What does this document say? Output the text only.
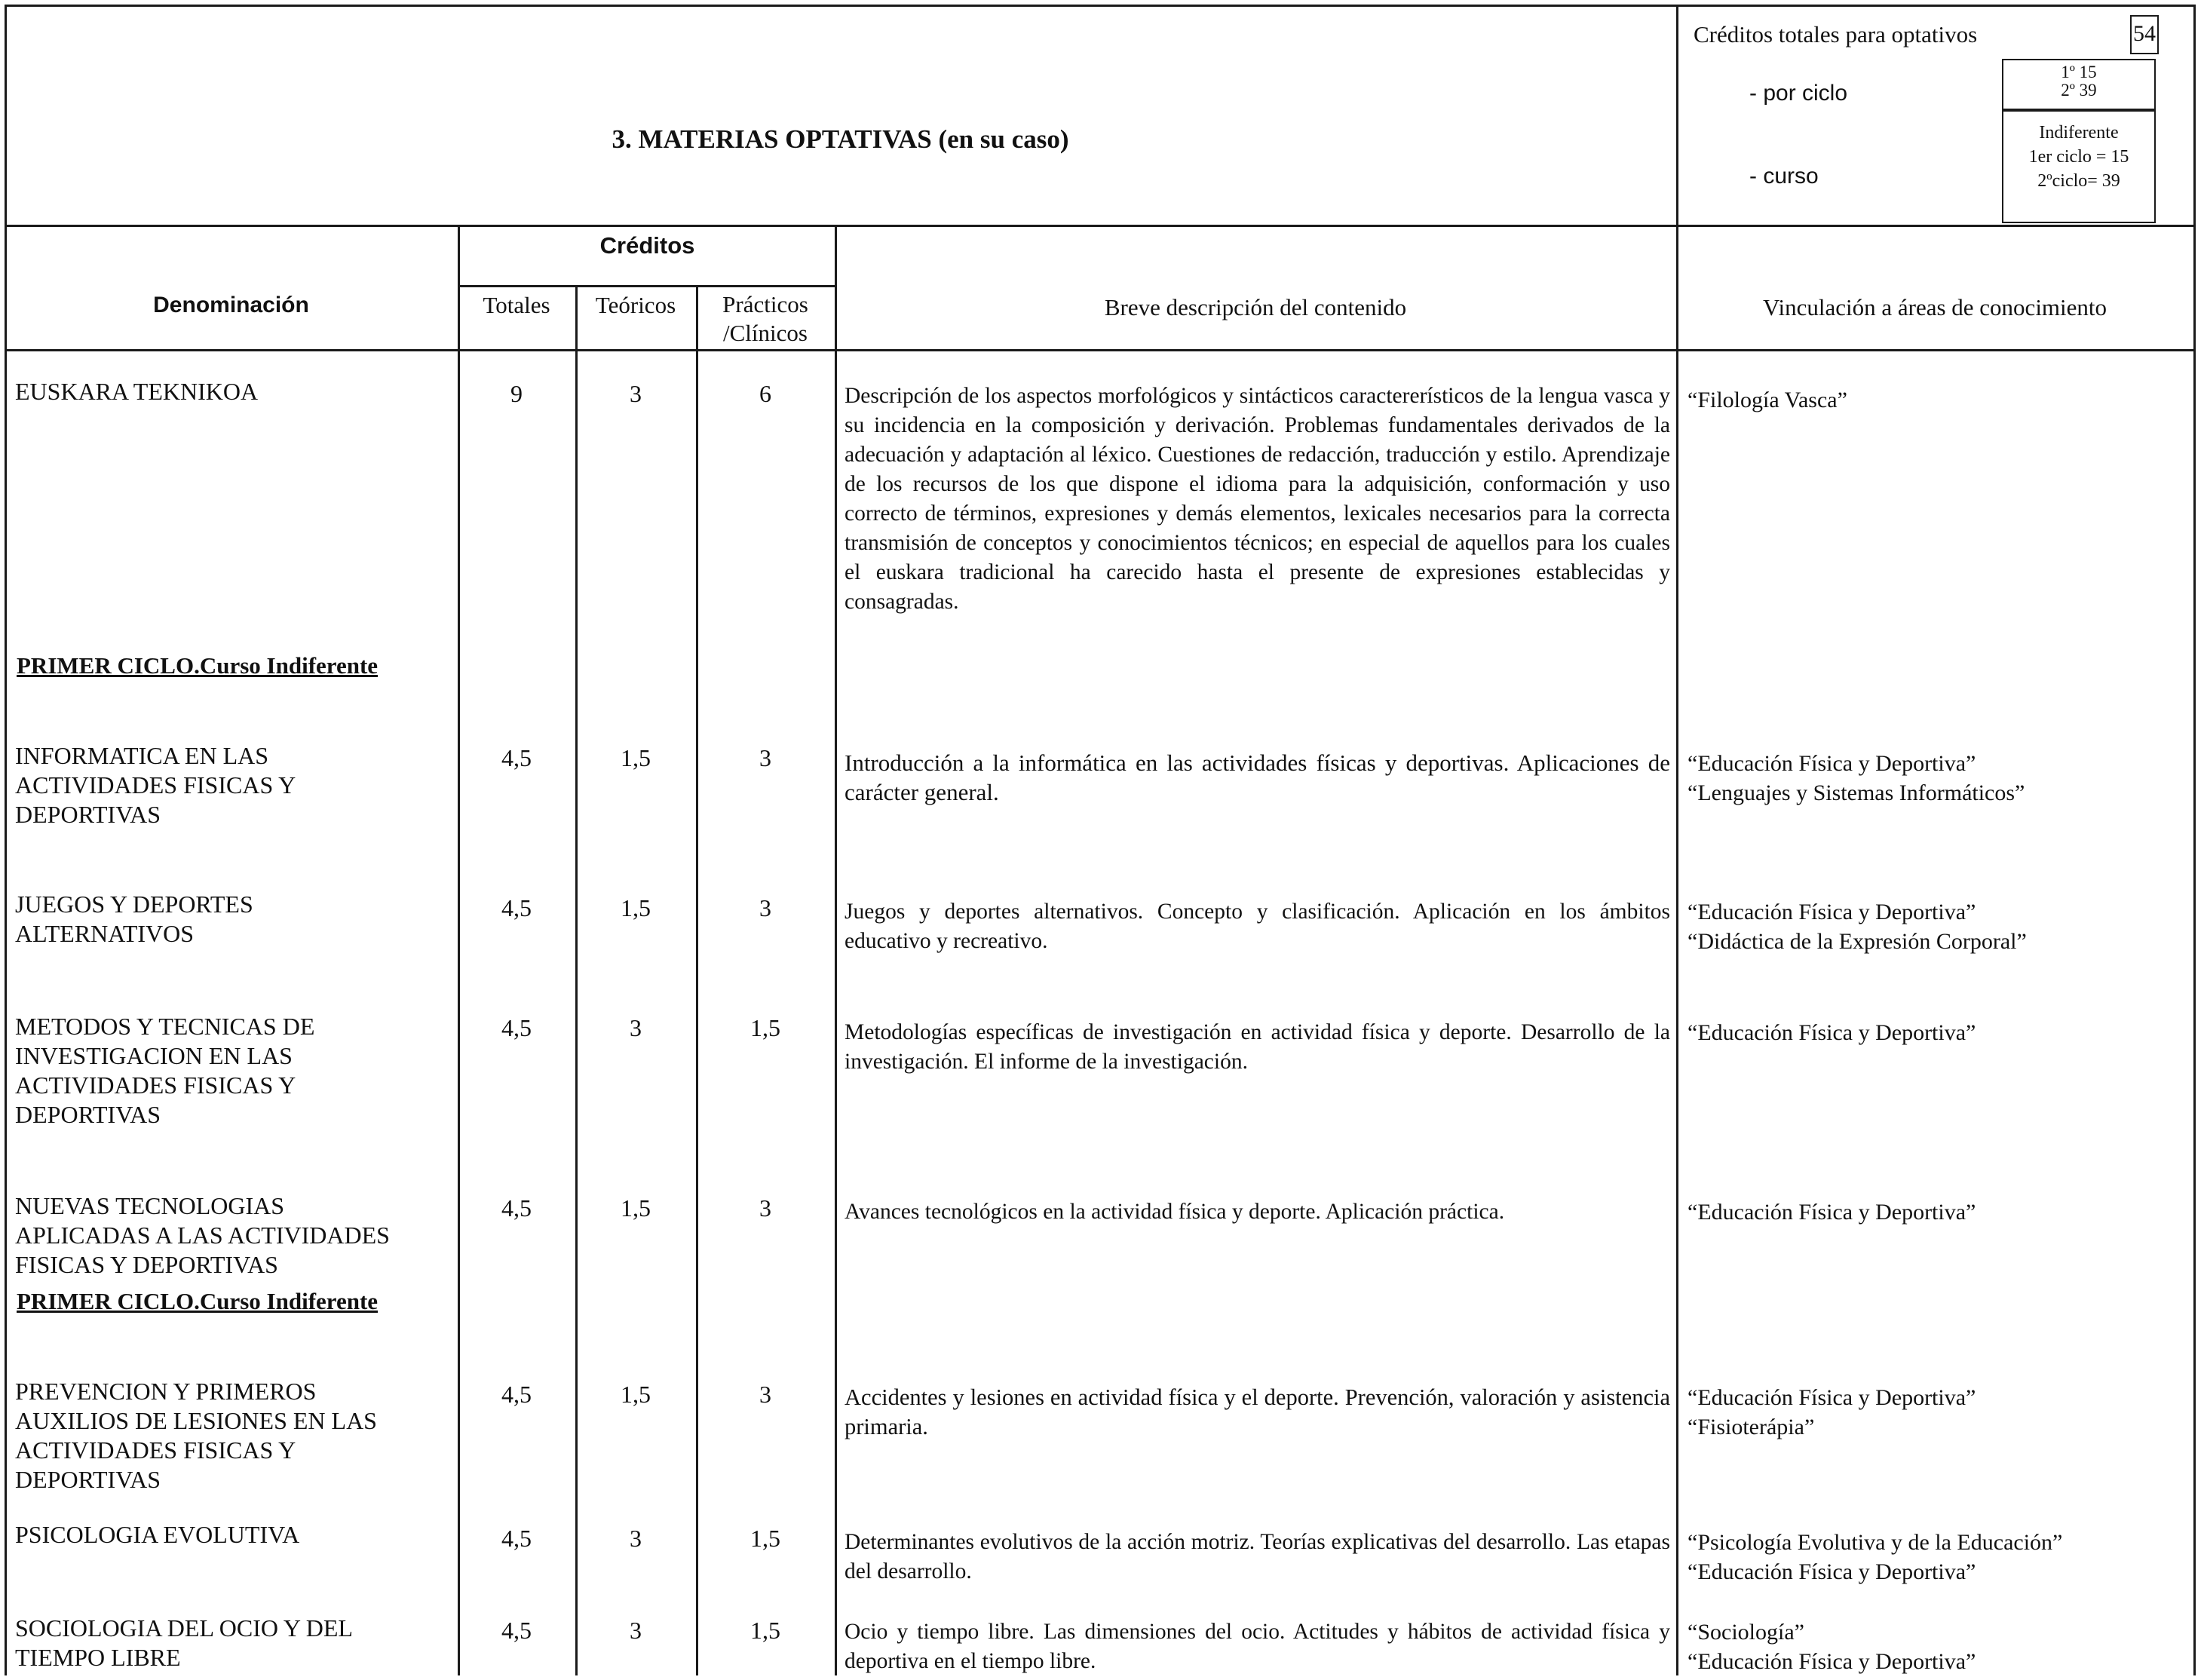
3. MATERIAS OPTATIVAS (en su caso)
Créditos totales para optativos	54
- por ciclo
1º 15
2º 39
- curso
Indiferente
1er ciclo = 15
2ºciclo= 39
Créditos
Denominación	Totales	Teóricos	Prácticos
/Clínicos
Breve descripción del contenido	Vinculación a áreas de conocimiento
EUSKARA TEKNIKOA	9	3	6	Descripción de los aspectos morfológicos y sintácticos caractererísticos de la lengua vasca y su incidencia en la composición y derivación. Problemas fundamentales derivados de la adecuación y adaptación al léxico. Cuestiones de redacción, traducción y estilo. Aprendizaje de los recursos de los que dispone el idioma para la adquisición, conformación y uso correcto de términos, expresiones y demás elementos, lexicales necesarios para la correcta transmisión de conceptos y conocimientos técnicos; en especial de aquellos para los cuales el euskara tradicional ha carecido hasta el presente de expresiones establecidas y consagradas.
“Filología Vasca”
PRIMER CICLO.Curso Indiferente
INFORMATICA EN LAS
ACTIVIDADES FISICAS Y
DEPORTIVAS
4,5	1,5	3	Introducción a la informática en las actividades físicas y deportivas. Aplicaciones de carácter general.
“Educación Física y Deportiva”
“Lenguajes y Sistemas Informáticos”
JUEGOS Y DEPORTES
ALTERNATIVOS
4,5	1,5	3	Juegos y deportes alternativos. Concepto y clasificación. Aplicación en los ámbitos educativo y recreativo.
“Educación Física y Deportiva”
“Didáctica de la Expresión Corporal”
METODOS Y TECNICAS DE
INVESTIGACION EN LAS
ACTIVIDADES FISICAS Y
DEPORTIVAS
4,5	3	1,5	Metodologías específicas de investigación en actividad física y deporte. Desarrollo de la investigación. El informe de la investigación.
“Educación Física y Deportiva”
NUEVAS TECNOLOGIAS
APLICADAS A LAS ACTIVIDADES
FISICAS Y DEPORTIVAS
4,5	1,5	3	Avances tecnológicos en la actividad física y deporte. Aplicación práctica.	“Educación Física y Deportiva”
PRIMER CICLO.Curso Indiferente
PREVENCION Y PRIMEROS
AUXILIOS DE LESIONES EN LAS
ACTIVIDADES FISICAS Y
DEPORTIVAS
4,5	1,5	3	Accidentes y lesiones en actividad física y el deporte. Prevención, valoración y asistencia primaria.
“Educación Física y Deportiva”
“Fisioterápia”
PSICOLOGIA EVOLUTIVA	4,5	3	1,5	Determinantes evolutivos de la acción motriz. Teorías explicativas del desarrollo. Las etapas del desarrollo.
“Psicología Evolutiva y de la Educación”
“Educación Física y Deportiva”
SOCIOLOGIA DEL OCIO Y DEL
TIEMPO LIBRE
4,5	3	1,5	Ocio y tiempo libre. Las dimensiones del ocio. Actitudes y hábitos de actividad física y deportiva en el tiempo libre.
“Sociología”
“Educación Física y Deportiva”
